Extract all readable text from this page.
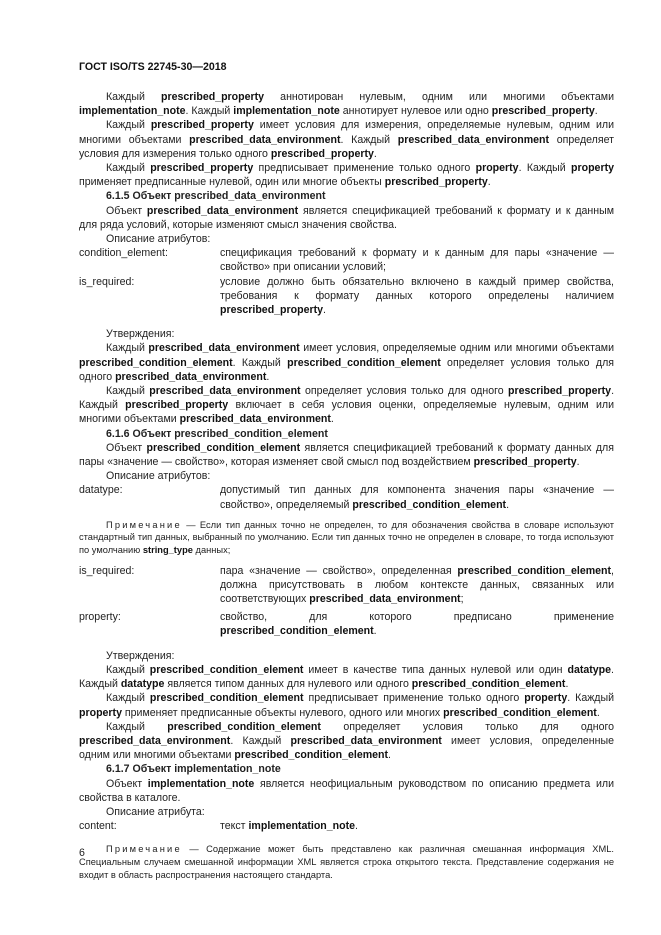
ГОСТ ISO/TS 22745-30—2018

Каждый prescribed_property аннотирован нулевым, одним или многими объектами implementation_note. Каждый implementation_note аннотирует нулевое или одно prescribed_property.

Каждый prescribed_property имеет условия для измерения, определяемые нулевым, одним или многими объектами prescribed_data_environment. Каждый prescribed_data_environment определяет условия для измерения только одного prescribed_property.

Каждый prescribed_property предписывает применение только одного property. Каждый property применяет предписанные нулевой, один или многие объекты prescribed_property.

6.1.5 Объект prescribed_data_environment

Объект prescribed_data_environment является спецификацией требований к формату и к данным для ряда условий, которые изменяют смысл значения свойства.

Описание атрибутов:

condition_element:	спецификация требований к формату и к данным для пары «значение — свойство» при описании условий;
is_required:	условие должно быть обязательно включено в каждый пример свойства, требования к формату данных которого определены наличием prescribed_property.

Утверждения:

Каждый prescribed_data_environment имеет условия, определяемые одним или многими объектами prescribed_condition_element. Каждый prescribed_condition_element определяет условия только для одного prescribed_data_environment.

Каждый prescribed_data_environment определяет условия только для одного prescribed_property. Каждый prescribed_property включает в себя условия оценки, определяемые нулевым, одним или многими объектами prescribed_data_environment.

6.1.6 Объект prescribed_condition_element

Объект prescribed_condition_element является спецификацией требований к формату данных для пары «значение — свойство», которая изменяет свой смысл под воздействием prescribed_property.

Описание атрибутов:

datatype:	допустимый тип данных для компонента значения пары «значение — свойство», определяемый prescribed_condition_element.

Примечание — Если тип данных точно не определен, то для обозначения свойства в словаре используют стандартный тип данных, выбранный по умолчанию. Если тип данных точно не определен в словаре, то тогда используют по умолчанию string_type данных;

is_required:	пара «значение — свойство», определенная prescribed_condition_element, должна присутствовать в любом контексте данных, связанных или соответствующих prescribed_data_environment;
property:	свойство, для которого предписано применение prescribed_condition_element.

Утверждения:

Каждый prescribed_condition_element имеет в качестве типа данных нулевой или один datatype. Каждый datatype является типом данных для нулевого или одного prescribed_condition_element.

Каждый prescribed_condition_element предписывает применение только одного property. Каждый property применяет предписанные объекты нулевого, одного или многих prescribed_condition_element.

Каждый prescribed_condition_element определяет условия только для одного prescribed_data_environment. Каждый prescribed_data_environment имеет условия, определенные одним или многими объектами prescribed_condition_element.

6.1.7 Объект implementation_note

Объект implementation_note является неофициальным руководством по описанию предмета или свойства в каталоге.

Описание атрибута:

content:	текст implementation_note.

Примечание — Содержание может быть представлено как различная смешанная информация XML. Специальным случаем смешанной информации XML является строка открытого текста. Представление содержания не входит в область распространения настоящего стандарта.

6
